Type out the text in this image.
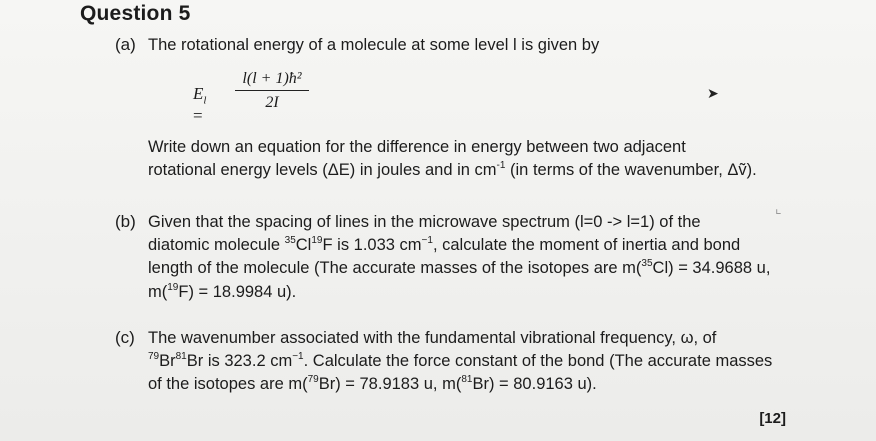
Question 5
(a) The rotational energy of a molecule at some level l is given by
$E_l$ =
l(l + 1)ħ²
2I
➤
Write down an equation for the difference in energy between two adjacent
rotational energy levels (ΔE) in joules and in $cm^{-1}$ (in terms of the wavenumber, Δṽ).
(b) Given that the spacing of lines in the microwave spectrum (l=0 -> l=1) of the
⌞
diatomic molecule $^{35}$Cl$^{19}$F is 1.033 $cm^{-1}$, calculate the moment of inertia and bond
length of the molecule (The accurate masses of the isotopes are m($^{35}$Cl) = 34.9688 u,
m($^{19}$F) = 18.9984 u).
(c) The wavenumber associated with the fundamental vibrational frequency, ω, of
$^{79}$Br$^{81}$Br is 323.2 $cm^{-1}$. Calculate the force constant of the bond (The accurate masses
of the isotopes are m($^{79}$Br) = 78.9183 u, m($^{81}$Br) = 80.9163 u).
[12]
